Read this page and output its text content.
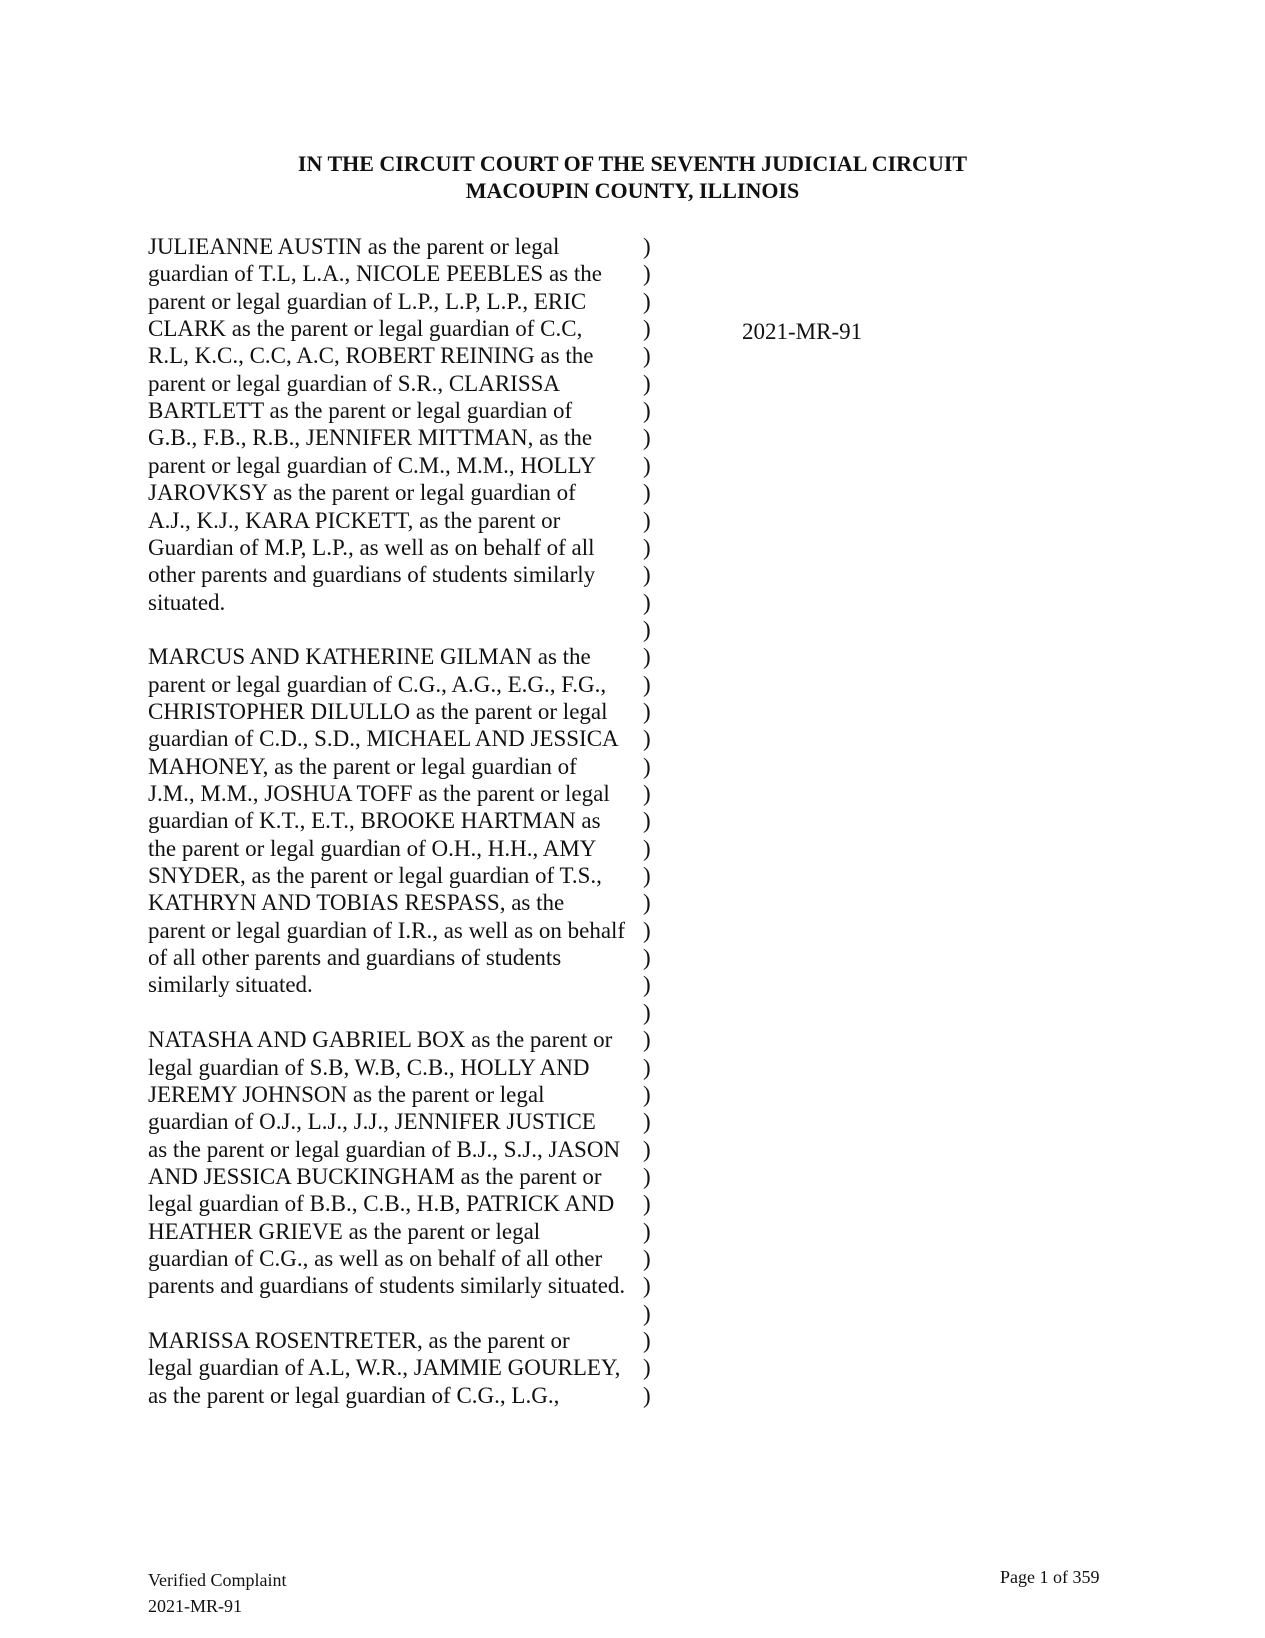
IN THE CIRCUIT COURT OF THE SEVENTH JUDICIAL CIRCUIT
MACOUPIN COUNTY, ILLINOIS
JULIEANNE AUSTIN as the parent or legal	)
guardian of T.L, L.A., NICOLE PEEBLES as the	)
parent or legal guardian of L.P., L.P, L.P., ERIC	)
CLARK as the parent or legal guardian of C.C,	)
R.L, K.C., C.C, A.C, ROBERT REINING as the	)
parent or legal guardian of S.R., CLARISSA	)
BARTLETT as the parent or legal guardian of	)
G.B., F.B., R.B., JENNIFER MITTMAN, as the	)
parent or legal guardian of C.M., M.M., HOLLY	)
JAROVKSY as the parent or legal guardian of	)
A.J., K.J., KARA PICKETT, as the parent or	)
Guardian of M.P, L.P., as well as on behalf of all	)
other parents and guardians of students similarly	)
situated.	)
)
MARCUS AND KATHERINE GILMAN as the	)
parent or legal guardian of C.G., A.G., E.G., F.G.,	)
CHRISTOPHER DILULLO as the parent or legal	)
guardian of C.D., S.D., MICHAEL AND JESSICA	)
MAHONEY, as the parent or legal guardian of	)
J.M., M.M., JOSHUA TOFF as the parent or legal	)
guardian of K.T., E.T., BROOKE HARTMAN as	)
the parent or legal guardian of O.H., H.H., AMY	)
SNYDER, as the parent or legal guardian of T.S.,	)
KATHRYN AND TOBIAS RESPASS, as the	)
parent or legal guardian of I.R., as well as on behalf )
of all other parents and guardians of students	)
similarly situated.	)
)
NATASHA AND GABRIEL BOX as the parent or	)
legal guardian of S.B, W.B, C.B., HOLLY AND	)
JEREMY JOHNSON as the parent or legal	)
guardian of O.J., L.J., J.J., JENNIFER JUSTICE	)
as the parent or legal guardian of B.J., S.J., JASON )
AND JESSICA BUCKINGHAM as the parent or	)
legal guardian of B.B., C.B., H.B, PATRICK AND	)
HEATHER GRIEVE as the parent or legal	)
guardian of C.G., as well as on behalf of all other	)
parents and guardians of students similarly situated. )
)
MARISSA ROSENTRETER, as the parent or	)
legal guardian of A.L, W.R., JAMMIE GOURLEY, )
as the parent or legal guardian of C.G., L.G.,	)
2021-MR-91
Verified Complaint
2021-MR-91
Page 1 of 359
